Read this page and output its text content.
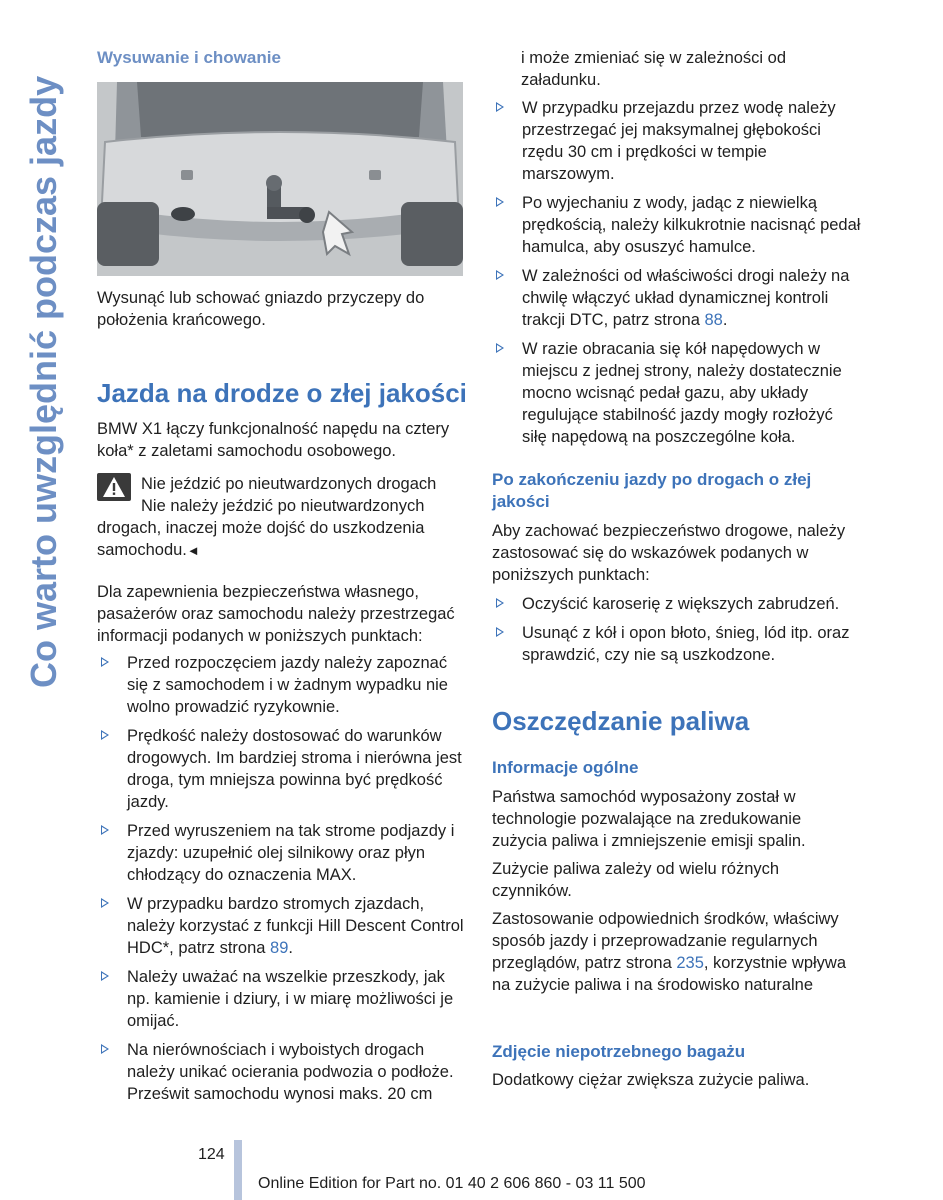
Co warto uwzględnić podczas jazdy
Wysuwanie i chowanie

Wysunąć lub schować gniazdo przyczepy do położenia krańcowego.

Jazda na drodze o złej jakości

BMW X1 łączy funkcjonalność napędu na cztery koła* z zaletami samochodu osobowego.

Nie jeździć po nieutwardzonych drogach

Nie należy jeździć po nieutwardzonych drogach, inaczej może dojść do uszkodzenia samochodu.◄

Dla zapewnienia bezpieczeństwa własnego, pasażerów oraz samochodu należy przestrzegać informacji podanych w poniższych punktach:

Przed rozpoczęciem jazdy należy zapoznać się z samochodem i w żadnym wypadku nie wolno prowadzić ryzykownie.
Prędkość należy dostosować do warunków drogowych. Im bardziej stroma i nierówna jest droga, tym mniejsza powinna być prędkość jazdy.
Przed wyruszeniem na tak strome podjazdy i zjazdy: uzupełnić olej silnikowy oraz płyn chłodzący do oznaczenia MAX.
W przypadku bardzo stromych zjazdach, należy korzystać z funkcji Hill Descent Control HDC*, patrz strona 89.
Należy uważać na wszelkie przeszkody, jak np. kamienie i dziury, i w miarę możliwości je omijać.
Na nierównościach i wyboistych drogach należy unikać ocierania podwozia o podłoże. Prześwit samochodu wynosi maks. 20 cm

i może zmieniać się w zależności od załadunku.

W przypadku przejazdu przez wodę należy przestrzegać jej maksymalnej głębokości rzędu 30 cm i prędkości w tempie marszowym.
Po wyjechaniu z wody, jadąc z niewielką prędkością, należy kilkukrotnie nacisnąć pedał hamulca, aby osuszyć hamulce.
W zależności od właściwości drogi należy na chwilę włączyć układ dynamicznej kontroli trakcji DTC, patrz strona 88.
W razie obracania się kół napędowych w miejscu z jednej strony, należy dostatecznie mocno wcisnąć pedał gazu, aby układy regulujące stabilność jazdy mogły rozłożyć siłę napędową na poszczególne koła.
Po zakończeniu jazdy po drogach o złej jakości

Aby zachować bezpieczeństwo drogowe, należy zastosować się do wskazówek podanych w poniższych punktach:

Oczyścić karoserię z większych zabrudzeń.
Usunąć z kół i opon błoto, śnieg, lód itp. oraz sprawdzić, czy nie są uszkodzone.
Oszczędzanie paliwa
Informacje ogólne

Państwa samochód wyposażony został w technologie pozwalające na zredukowanie zużycia paliwa i zmniejszenie emisji spalin.

Zużycie paliwa zależy od wielu różnych czynników.

Zastosowanie odpowiednich środków, właściwy sposób jazdy i przeprowadzanie regularnych przeglądów, patrz strona 235, korzystnie wpływa na zużycie paliwa i na środowisko naturalne

Zdjęcie niepotrzebnego bagażu

Dodatkowy ciężar zwiększa zużycie paliwa.

124
Online Edition for Part no. 01 40 2 606 860 - 03 11 500
